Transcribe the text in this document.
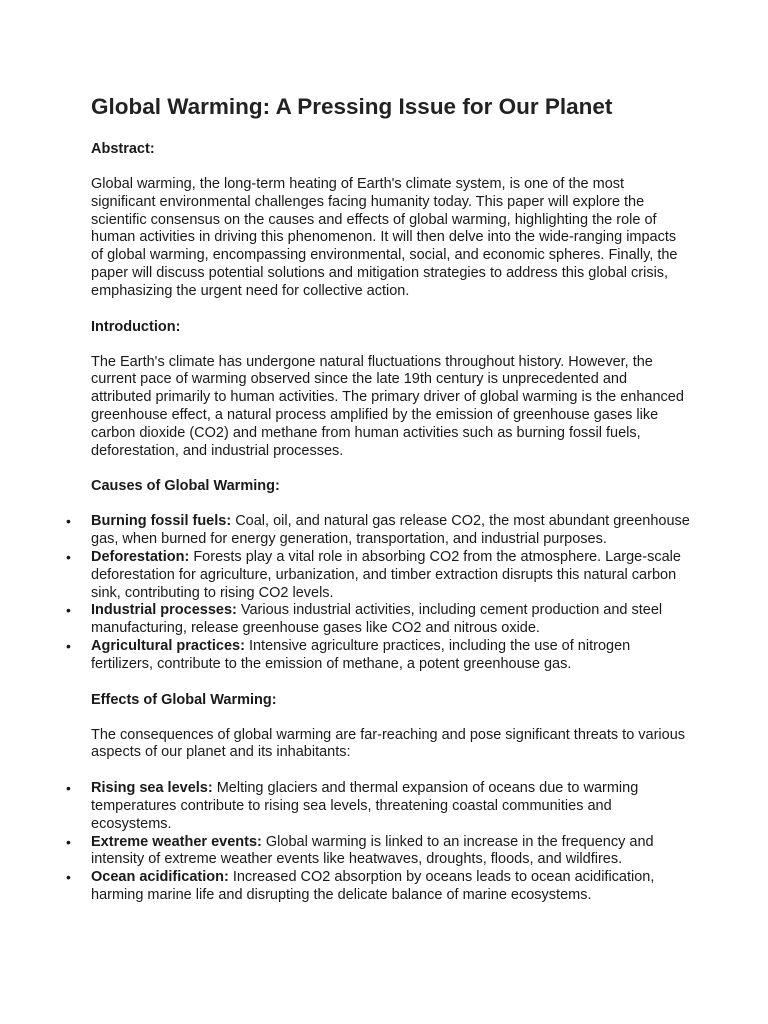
Global Warming: A Pressing Issue for Our Planet
Abstract:

Global warming, the long-term heating of Earth's climate system, is one of the most significant environmental challenges facing humanity today. This paper will explore the scientific consensus on the causes and effects of global warming, highlighting the role of human activities in driving this phenomenon. It will then delve into the wide-ranging impacts of global warming, encompassing environmental, social, and economic spheres. Finally, the paper will discuss potential solutions and mitigation strategies to address this global crisis, emphasizing the urgent need for collective action.

Introduction:

The Earth's climate has undergone natural fluctuations throughout history. However, the current pace of warming observed since the late 19th century is unprecedented and attributed primarily to human activities. The primary driver of global warming is the enhanced greenhouse effect, a natural process amplified by the emission of greenhouse gases like carbon dioxide (CO2) and methane from human activities such as burning fossil fuels, deforestation, and industrial processes.

Causes of Global Warming:
• Burning fossil fuels: Coal, oil, and natural gas release CO2, the most abundant greenhouse gas, when burned for energy generation, transportation, and industrial purposes.
• Deforestation: Forests play a vital role in absorbing CO2 from the atmosphere. Large-scale deforestation for agriculture, urbanization, and timber extraction disrupts this natural carbon sink, contributing to rising CO2 levels.
• Industrial processes: Various industrial activities, including cement production and steel manufacturing, release greenhouse gases like CO2 and nitrous oxide.
• Agricultural practices: Intensive agriculture practices, including the use of nitrogen fertilizers, contribute to the emission of methane, a potent greenhouse gas.
Effects of Global Warming:

The consequences of global warming are far-reaching and pose significant threats to various aspects of our planet and its inhabitants:

• Rising sea levels: Melting glaciers and thermal expansion of oceans due to warming temperatures contribute to rising sea levels, threatening coastal communities and ecosystems.
• Extreme weather events: Global warming is linked to an increase in the frequency and intensity of extreme weather events like heatwaves, droughts, floods, and wildfires.
• Ocean acidification: Increased CO2 absorption by oceans leads to ocean acidification, harming marine life and disrupting the delicate balance of marine ecosystems.
